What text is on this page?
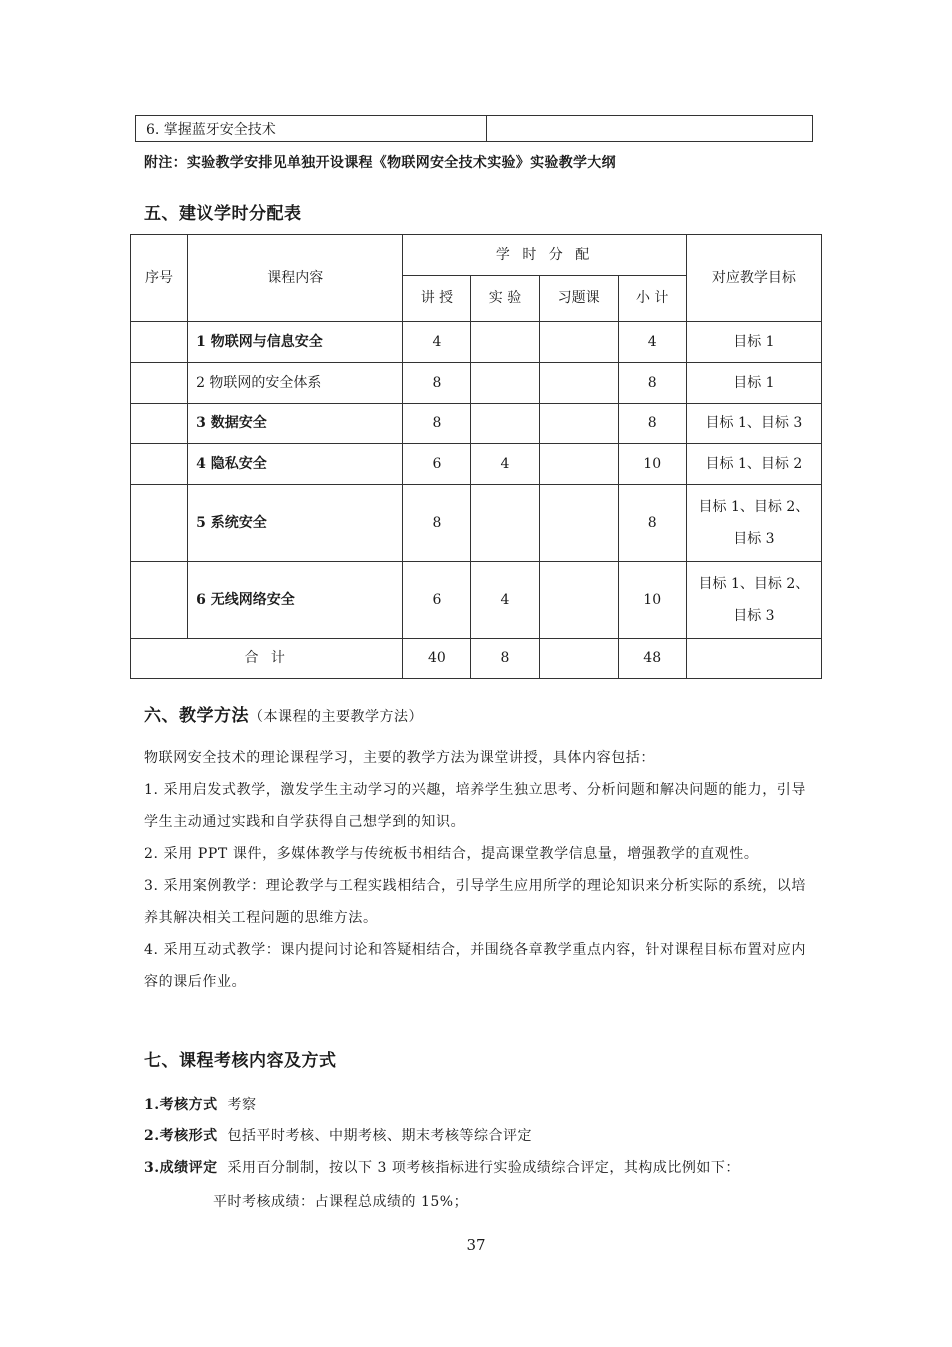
6. 掌握蓝牙安全技术	
附注：实验教学安排见单独开设课程《物联网安全技术实验》实验教学大纲
五、建议学时分配表
序号	课程内容	学 时 分 配				对应教学目标
		讲 授	实 验	习题课	小 计	
	1 物联网与信息安全	4			4	目标 1
	2 物联网的安全体系	8			8	目标 1
	3 数据安全	8			8	目标 1、目标 3
	4 隐私安全	6	4		10	目标 1、目标 2
	5 系统安全	8			8	目标 1、目标 2、
目标 3

	6 无线网络安全	6	4		10	目标 1、目标 2、
目标 3

合 计		40	8		48	
六、教学方法（本课程的主要教学方法）
物联网安全技术的理论课程学习，主要的教学方法为课堂讲授，具体内容包括：
1. 采用启发式教学，激发学生主动学习的兴趣，培养学生独立思考、分析问题和解决问题的能力，引导学生主动通过实践和自学获得自己想学到的知识。
2. 采用 PPT 课件，多媒体教学与传统板书相结合，提高课堂教学信息量，增强教学的直观性。
3. 采用案例教学：理论教学与工程实践相结合，引导学生应用所学的理论知识来分析实际的系统，以培养其解决相关工程问题的思维方法。
4. 采用互动式教学：课内提问讨论和答疑相结合，并围绕各章教学重点内容，针对课程目标布置对应内容的课后作业。
七、课程考核内容及方式
1.考核方式 考察
2.考核形式 包括平时考核、中期考核、期末考核等综合评定
3.成绩评定 采用百分制制，按以下 3 项考核指标进行实验成绩综合评定，其构成比例如下：
平时考核成绩：占课程总成绩的 15%；
37
